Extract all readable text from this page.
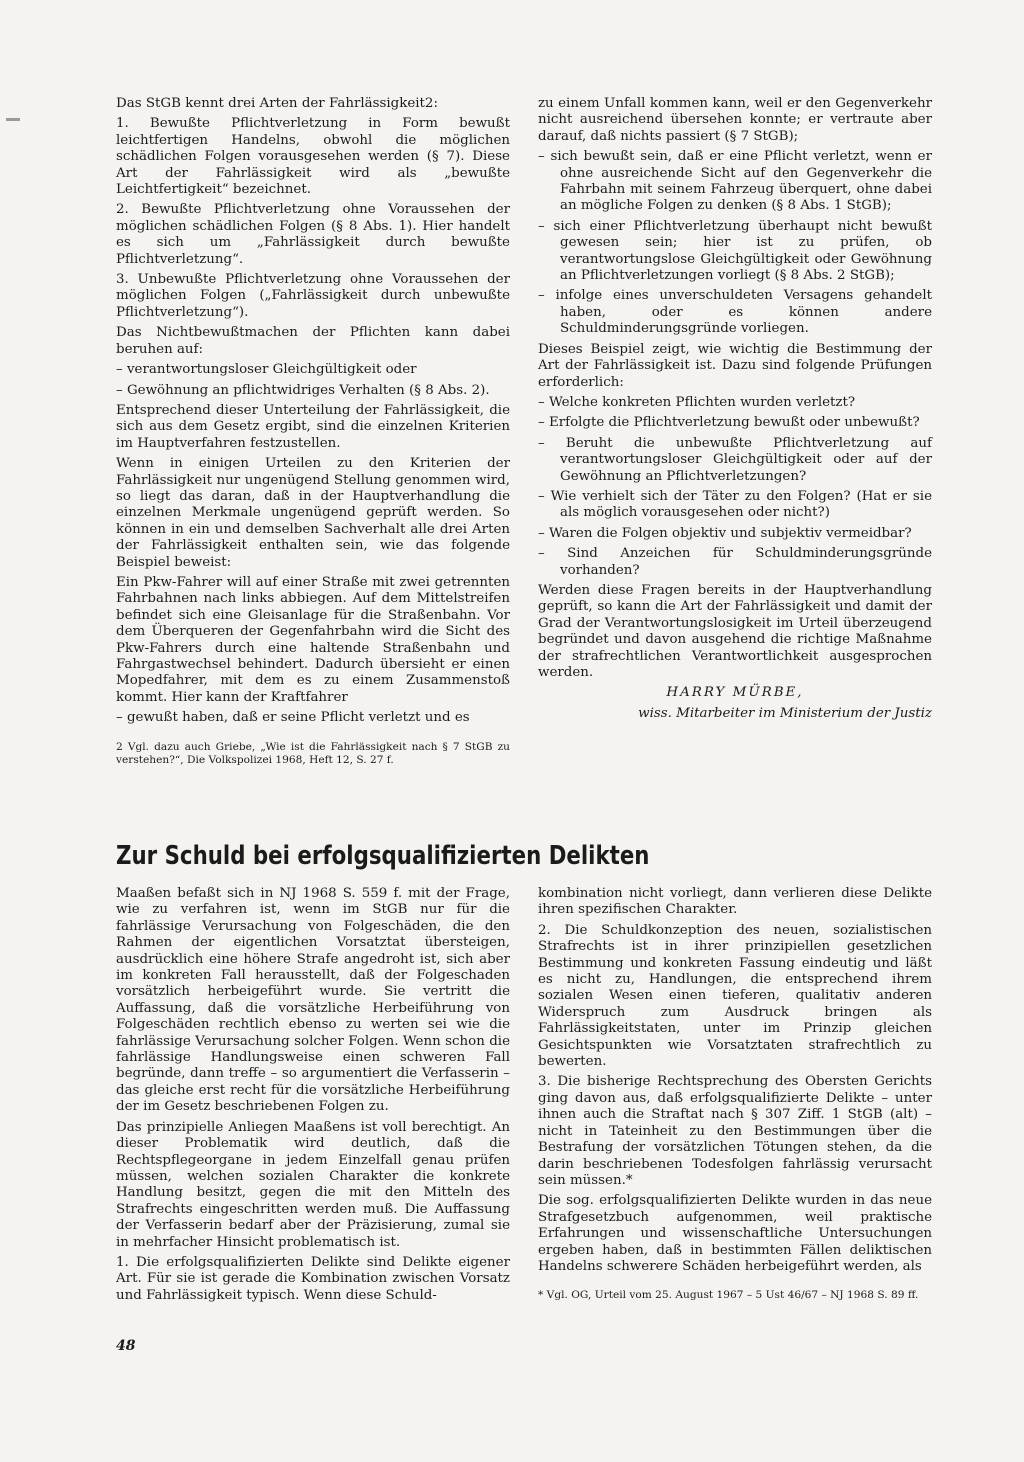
Das StGB kennt drei Arten der Fahrlässigkeit2:

1. Bewußte Pflichtverletzung in Form bewußt leichtfertigen Handelns, obwohl die möglichen schädlichen Folgen vorausgesehen werden (§ 7). Diese Art der Fahrlässigkeit wird als „bewußte Leichtfertigkeit“ bezeichnet.

2. Bewußte Pflichtverletzung ohne Voraussehen der möglichen schädlichen Folgen (§ 8 Abs. 1). Hier handelt es sich um „Fahrlässigkeit durch bewußte Pflichtverletzung“.

3. Unbewußte Pflichtverletzung ohne Voraussehen der möglichen Folgen („Fahrlässigkeit durch unbewußte Pflichtverletzung“).

Das Nichtbewußtmachen der Pflichten kann dabei beruhen auf:

– verantwortungsloser Gleichgültigkeit oder

– Gewöhnung an pflichtwidriges Verhalten (§ 8 Abs. 2).

Entsprechend dieser Unterteilung der Fahrlässigkeit, die sich aus dem Gesetz ergibt, sind die einzelnen Kriterien im Hauptverfahren festzustellen.

Wenn in einigen Urteilen zu den Kriterien der Fahrlässigkeit nur ungenügend Stellung genommen wird, so liegt das daran, daß in der Hauptverhandlung die einzelnen Merkmale ungenügend geprüft werden. So können in ein und demselben Sachverhalt alle drei Arten der Fahrlässigkeit enthalten sein, wie das folgende Beispiel beweist:

Ein Pkw-Fahrer will auf einer Straße mit zwei getrennten Fahrbahnen nach links abbiegen. Auf dem Mittelstreifen befindet sich eine Gleisanlage für die Straßenbahn. Vor dem Überqueren der Gegenfahrbahn wird die Sicht des Pkw-Fahrers durch eine haltende Straßenbahn und Fahrgastwechsel behindert. Dadurch übersieht er einen Mopedfahrer, mit dem es zu einem Zusammenstoß kommt. Hier kann der Kraftfahrer

– gewußt haben, daß er seine Pflicht verletzt und es

2 Vgl. dazu auch Griebe, „Wie ist die Fahrlässigkeit nach § 7 StGB zu verstehen?“, Die Volkspolizei 1968, Heft 12, S. 27 f.

zu einem Unfall kommen kann, weil er den Gegenverkehr nicht ausreichend übersehen konnte; er vertraute aber darauf, daß nichts passiert (§ 7 StGB);

– sich bewußt sein, daß er eine Pflicht verletzt, wenn er ohne ausreichende Sicht auf den Gegenverkehr die Fahrbahn mit seinem Fahrzeug überquert, ohne dabei an mögliche Folgen zu denken (§ 8 Abs. 1 StGB);

– sich einer Pflichtverletzung überhaupt nicht bewußt gewesen sein; hier ist zu prüfen, ob verantwortungslose Gleichgültigkeit oder Gewöhnung an Pflichtverletzungen vorliegt (§ 8 Abs. 2 StGB);

– infolge eines unverschuldeten Versagens gehandelt haben, oder es können andere Schuldminderungsgründe vorliegen.

Dieses Beispiel zeigt, wie wichtig die Bestimmung der Art der Fahrlässigkeit ist. Dazu sind folgende Prüfungen erforderlich:

– Welche konkreten Pflichten wurden verletzt?

– Erfolgte die Pflichtverletzung bewußt oder unbewußt?

– Beruht die unbewußte Pflichtverletzung auf verantwortungsloser Gleichgültigkeit oder auf der Gewöhnung an Pflichtverletzungen?

– Wie verhielt sich der Täter zu den Folgen? (Hat er sie als möglich vorausgesehen oder nicht?)

– Waren die Folgen objektiv und subjektiv vermeidbar?

– Sind Anzeichen für Schuldminderungsgründe vorhanden?

Werden diese Fragen bereits in der Hauptverhandlung geprüft, so kann die Art der Fahrlässigkeit und damit der Grad der Verantwortungslosigkeit im Urteil überzeugend begründet und davon ausgehend die richtige Maßnahme der strafrechtlichen Verantwortlichkeit ausgesprochen werden.

HARRY MÜRBE,

wiss. Mitarbeiter im Ministerium der Justiz

Zur Schuld bei erfolgsqualifizierten Delikten

Maaßen befaßt sich in NJ 1968 S. 559 f. mit der Frage, wie zu verfahren ist, wenn im StGB nur für die fahrlässige Verursachung von Folgeschäden, die den Rahmen der eigentlichen Vorsatztat übersteigen, ausdrücklich eine höhere Strafe angedroht ist, sich aber im konkreten Fall herausstellt, daß der Folgeschaden vorsätzlich herbeigeführt wurde. Sie vertritt die Auffassung, daß die vorsätzliche Herbeiführung von Folgeschäden rechtlich ebenso zu werten sei wie die fahrlässige Verursachung solcher Folgen. Wenn schon die fahrlässige Handlungsweise einen schweren Fall begründe, dann treffe – so argumentiert die Verfasserin – das gleiche erst recht für die vorsätzliche Herbeiführung der im Gesetz beschriebenen Folgen zu.

Das prinzipielle Anliegen Maaßens ist voll berechtigt. An dieser Problematik wird deutlich, daß die Rechtspflegeorgane in jedem Einzelfall genau prüfen müssen, welchen sozialen Charakter die konkrete Handlung besitzt, gegen die mit den Mitteln des Strafrechts eingeschritten werden muß. Die Auffassung der Verfasserin bedarf aber der Präzisierung, zumal sie in mehrfacher Hinsicht problematisch ist.

1. Die erfolgsqualifizierten Delikte sind Delikte eigener Art. Für sie ist gerade die Kombination zwischen Vorsatz und Fahrlässigkeit typisch. Wenn diese Schuld-

kombination nicht vorliegt, dann verlieren diese Delikte ihren spezifischen Charakter.

2. Die Schuldkonzeption des neuen, sozialistischen Strafrechts ist in ihrer prinzipiellen gesetzlichen Bestimmung und konkreten Fassung eindeutig und läßt es nicht zu, Handlungen, die entsprechend ihrem sozialen Wesen einen tieferen, qualitativ anderen Widerspruch zum Ausdruck bringen als Fahrlässigkeitstaten, unter im Prinzip gleichen Gesichtspunkten wie Vorsatztaten strafrechtlich zu bewerten.

3. Die bisherige Rechtsprechung des Obersten Gerichts ging davon aus, daß erfolgsqualifizierte Delikte – unter ihnen auch die Straftat nach § 307 Ziff. 1 StGB (alt) – nicht in Tateinheit zu den Bestimmungen über die Bestrafung der vorsätzlichen Tötungen stehen, da die darin beschriebenen Todesfolgen fahrlässig verursacht sein müssen.*

Die sog. erfolgsqualifizierten Delikte wurden in das neue Strafgesetzbuch aufgenommen, weil praktische Erfahrungen und wissenschaftliche Untersuchungen ergeben haben, daß in bestimmten Fällen deliktischen Handelns schwerere Schäden herbeigeführt werden, als

* Vgl. OG, Urteil vom 25. August 1967 – 5 Ust 46/67 – NJ 1968 S. 89 ff.

48
